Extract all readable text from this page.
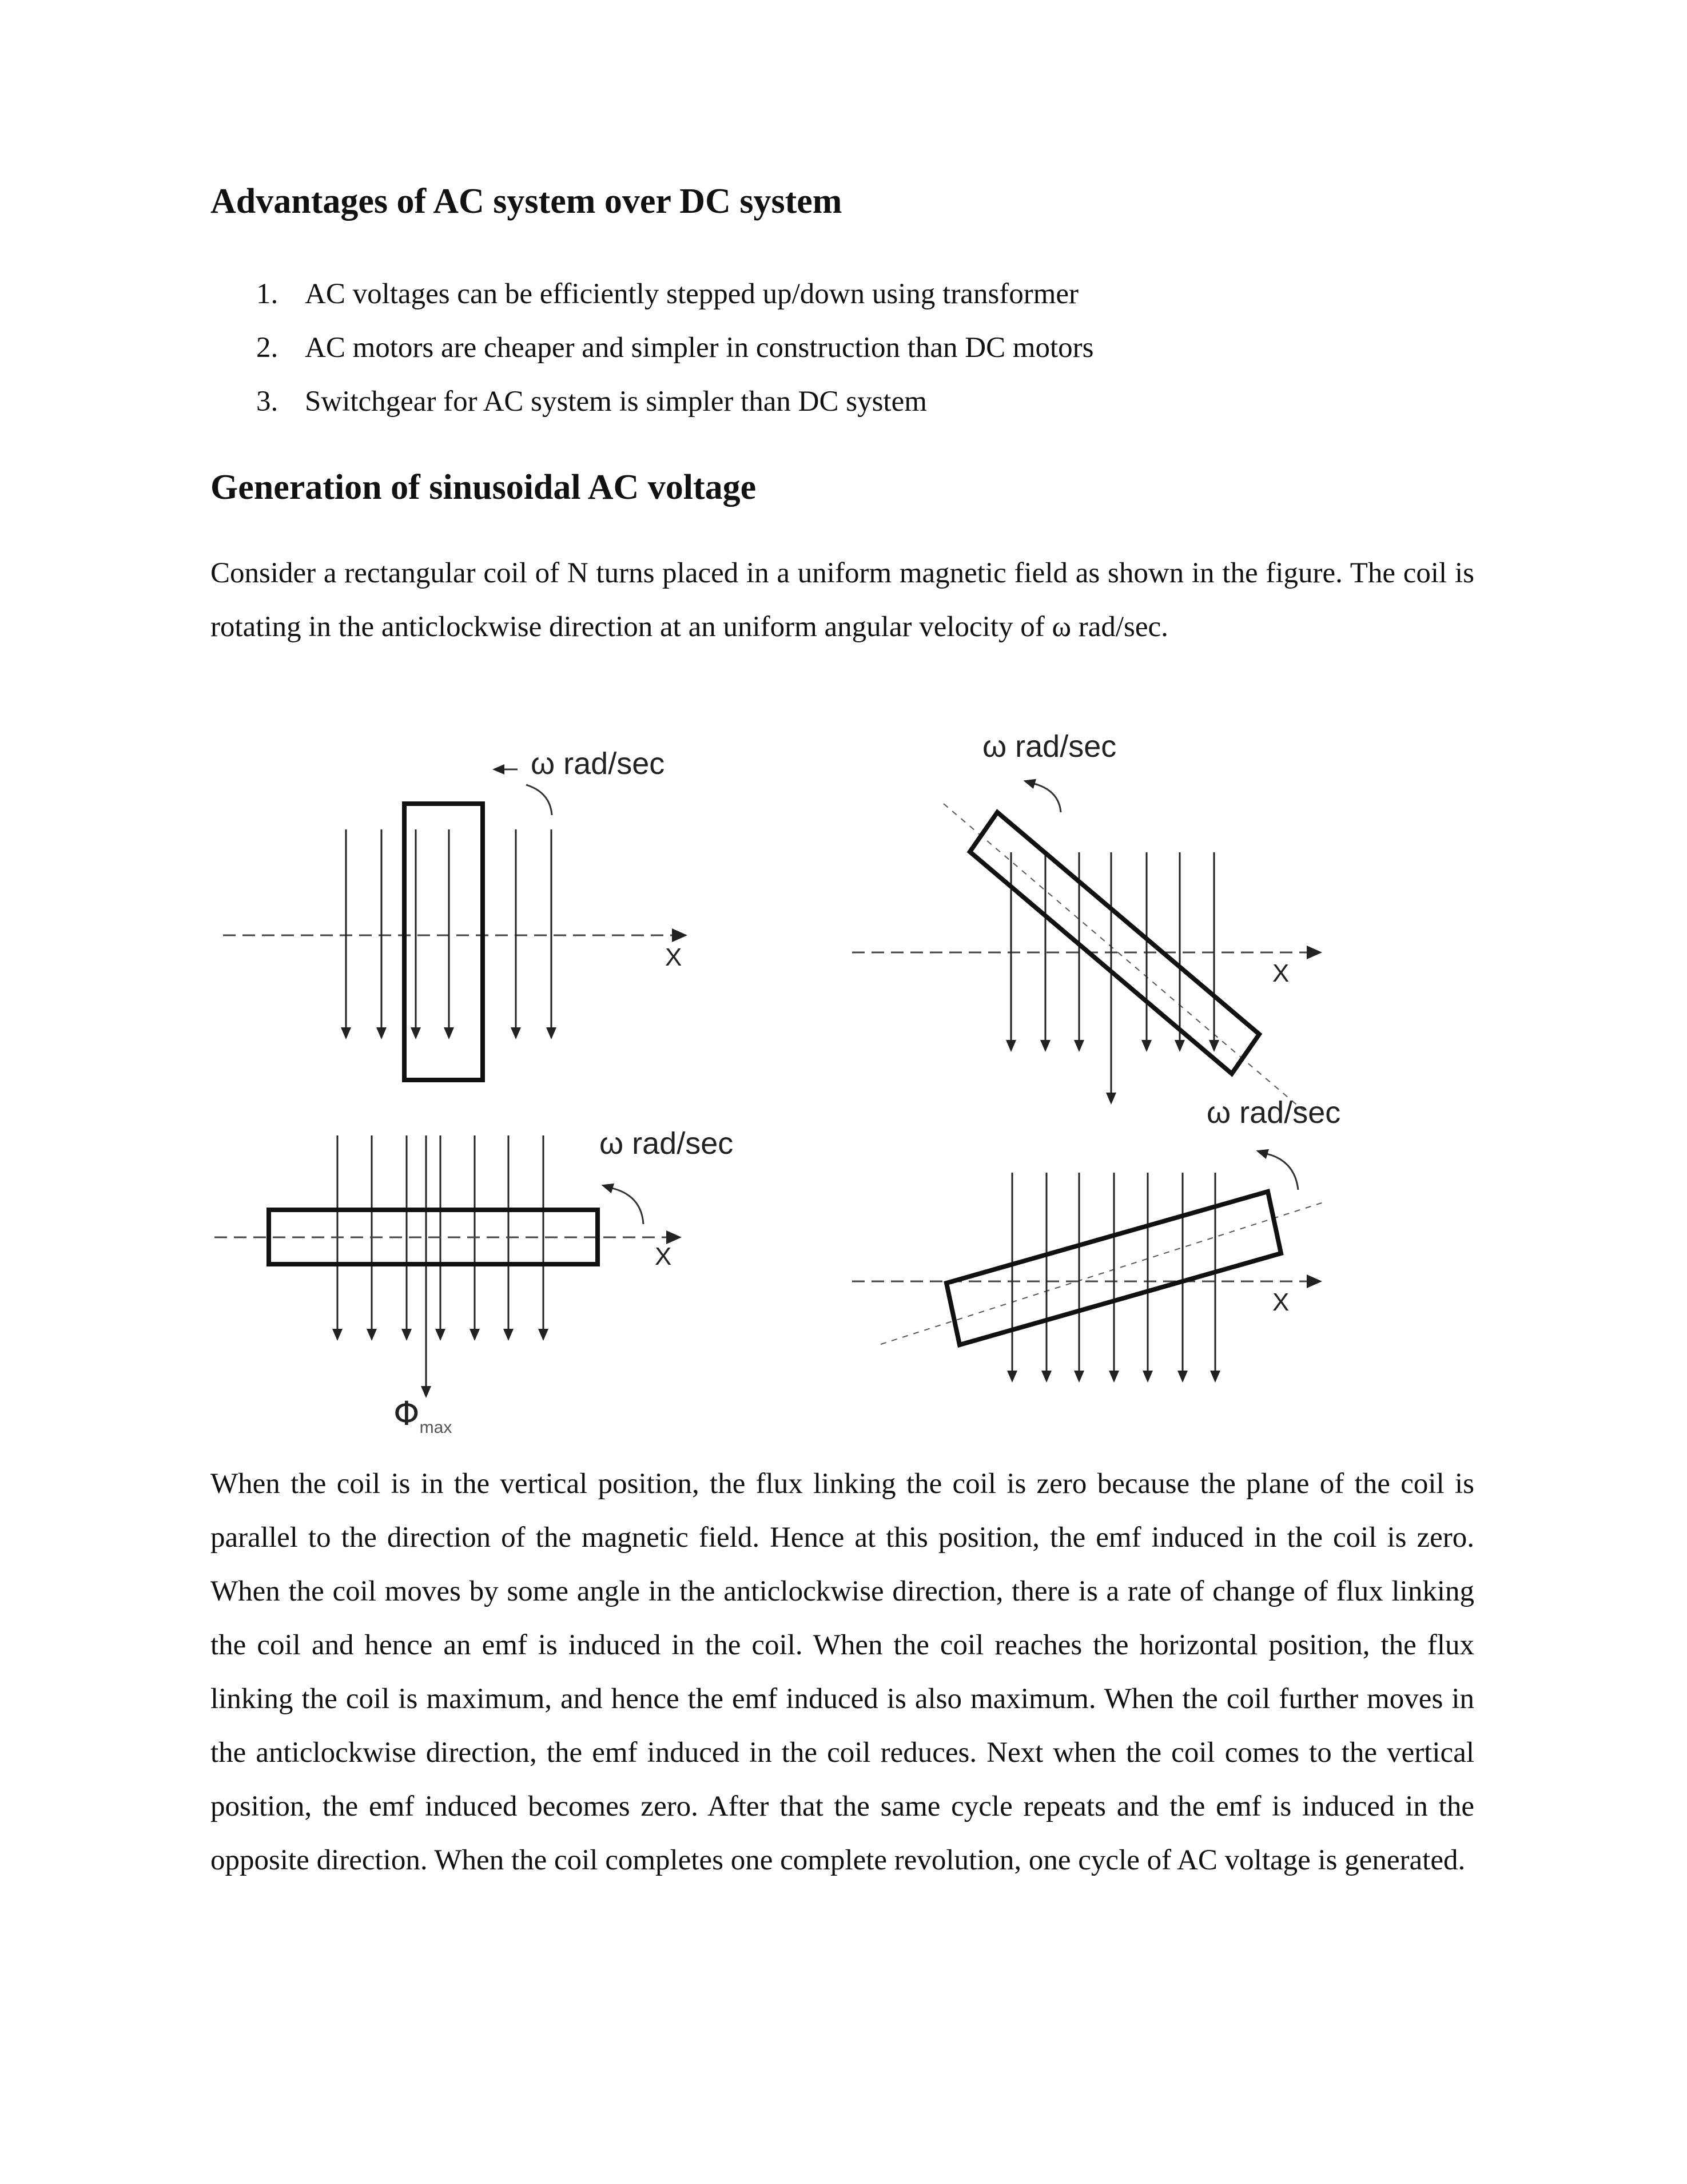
Advantages of AC system over DC system
1. AC voltages can be efficiently stepped up/down using transformer
2. AC motors are cheaper and simpler in construction than DC motors
3. Switchgear for AC system is simpler than DC system
Generation of sinusoidal AC voltage

Consider a rectangular coil of N turns placed in a uniform magnetic field as shown in the figure. The coil is rotating in the anticlockwise direction at an uniform angular velocity of ω rad/sec.

ω rad/sec
X
ω rad/sec
X
ω rad/sec
X
ω rad/sec
X
$\Phi_{max}$

When the coil is in the vertical position, the flux linking the coil is zero because the plane of the coil is parallel to the direction of the magnetic field. Hence at this position, the emf induced in the coil is zero. When the coil moves by some angle in the anticlockwise direction, there is a rate of change of flux linking the coil and hence an emf is induced in the coil. When the coil reaches the horizontal position, the flux linking the coil is maximum, and hence the emf induced is also maximum. When the coil further moves in the anticlockwise direction, the emf induced in the coil reduces. Next when the coil comes to the vertical position, the emf induced becomes zero. After that the same cycle repeats and the emf is induced in the opposite direction. When the coil completes one complete revolution, one cycle of AC voltage is generated.
